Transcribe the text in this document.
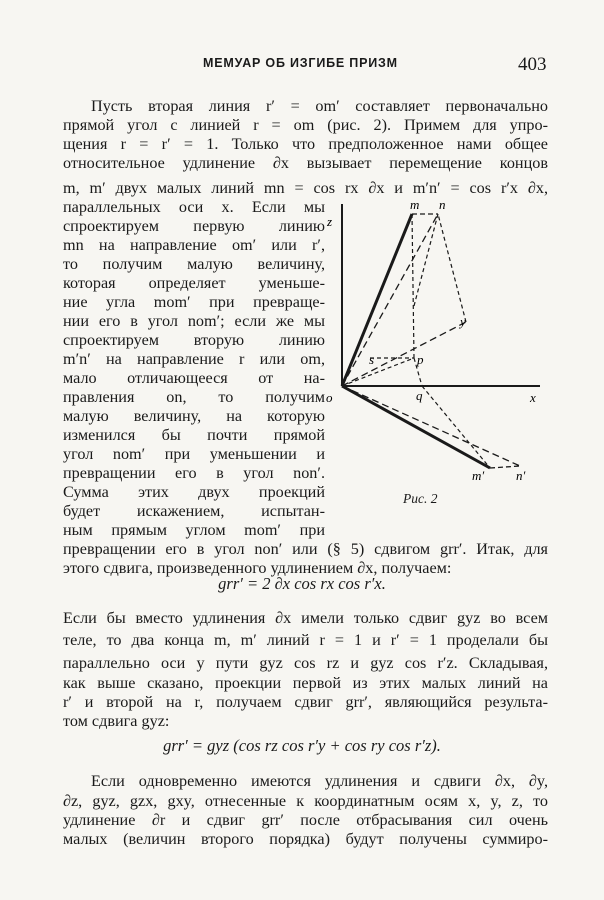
МЕМУАР ОБ ИЗГИБЕ ПРИЗМ	403
Пусть вторая линия r′ = om′ составляет первоначально
прямой угол с линией r = om (рис. 2). Примем для упро-
щения r = r′ = 1. Только что предположенное нами общее
относительное удлинение ∂x вызывает перемещение концов
m, m′ двух малых линий mn = cos rx ∂x и m′n′ = cos r′x ∂x,
параллельных оси x. Если мы
спроектируем первую линию
mn на направление om′ или r′,
то получим малую величину,
которая определяет уменьше-
ние угла mom′ при превраще-
нии его в угол nom′; если же мы
спроектируем вторую линию
m′n′ на направление r или om,
мало отличающееся от на-
правления on, то получим
малую величину, на которую
изменился бы почти прямой
угол nom′ при уменьшении и
превращении его в угол non′.
Сумма этих двух проекций
будет искажением, испытан-
ным прямым углом mom′ при
превращении его в угол non′ или (§ 5) сдвигом grr′. Итак, для
этого сдвига, произведенного удлинением ∂x, получаем:
grr′ = 2 ∂x cos rx cos r′x.
Если бы вместо удлинения ∂x имели только сдвиг gyz во всем
теле, то два конца m, m′ линий r = 1 и r′ = 1 проделали бы
параллельно оси y пути gyz cos rz и gyz cos r′z. Складывая,
как выше сказано, проекции первой из этих малых линий на
r′ и второй на r, получаем сдвиг grr′, являющийся результа-
том сдвига gyz:
grr′ = gyz (cos rz cos r′y + cos ry cos r′z).
Если одновременно имеются удлинения и сдвиги ∂x, ∂y,
∂z, gyz, gzx, gxy, отнесенные к координатным осям x, y, z, то
удлинение ∂r и сдвиг grr′ после отбрасывания сил очень
малых (величин второго порядка) будут получены суммиро-
z
m n
y
s	p
o	q	x
m′ n′
Рис. 2
